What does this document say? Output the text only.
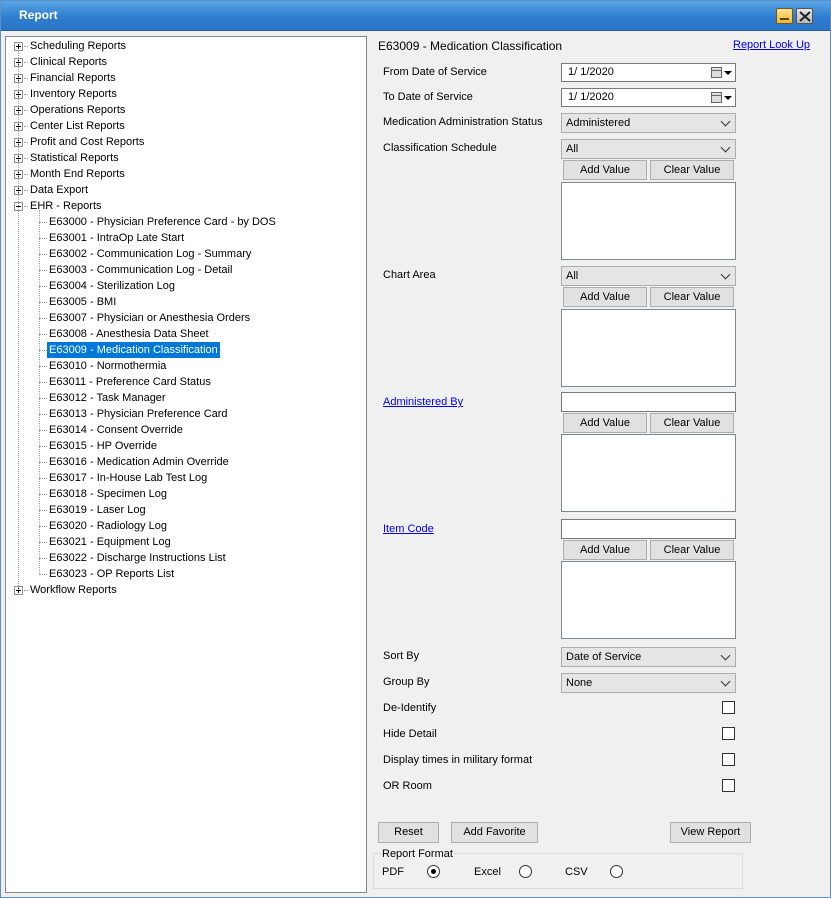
Report
Scheduling Reports
Clinical Reports
Financial Reports
Inventory Reports
Operations Reports
Center List Reports
Profit and Cost Reports
Statistical Reports
Month End Reports
Data Export
EHR - Reports
E63000 - Physician Preference Card - by DOS
E63001 - IntraOp Late Start
E63002 - Communication Log - Summary
E63003 - Communication Log - Detail
E63004 - Sterilization Log
E63005 - BMI
E63007 - Physician or Anesthesia Orders
E63008 - Anesthesia Data Sheet
E63009 - Medication Classification
E63010 - Normothermia
E63011 - Preference Card Status
E63012 - Task Manager
E63013 - Physician Preference Card
E63014 - Consent Override
E63015 - HP Override
E63016 - Medication Admin Override
E63017 - In-House Lab Test Log
E63018 - Specimen Log
E63019 - Laser Log
E63020 - Radiology Log
E63021 - Equipment Log
E63022 - Discharge Instructions List
E63023 - OP Reports List
Workflow Reports
E63009 - Medication Classification	Report Look Up
From Date of Service	1/ 1/2020
To Date of Service	1/ 1/2020
Medication Administration Status	Administered
Classification Schedule	All
Add Value	Clear Value
Chart Area	All
Add Value	Clear Value
Administered By
Add Value	Clear Value
Item Code
Add Value	Clear Value
Sort By	Date of Service
Group By	None
De-Identify
Hide Detail
Display times in military format
OR Room
Reset	Add Favorite	View Report
Report Format
PDF	Excel	CSV
